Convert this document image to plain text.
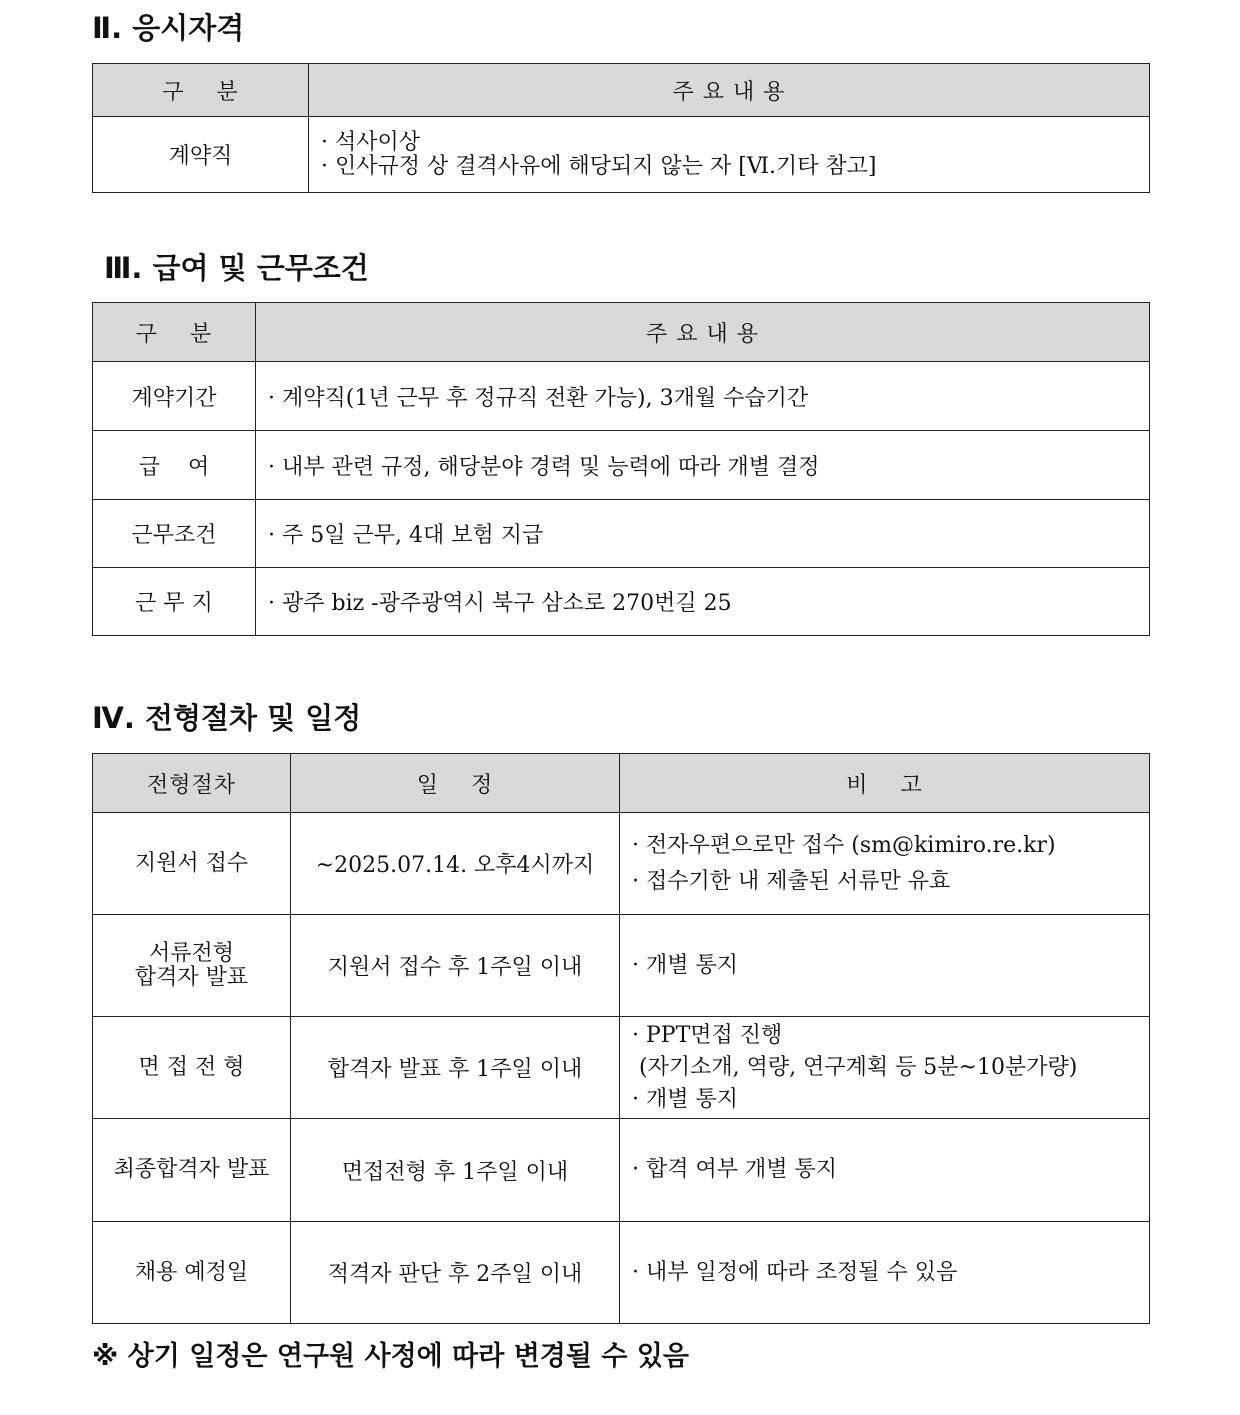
Ⅱ. 응시자격
구    분	주 요 내 용
계약직	· 석사이상
· 인사규정 상 결격사유에 해당되지 않는 자 [Ⅵ.기타 참고]
Ⅲ. 급여 및 근무조건
구    분	주 요 내 용
계약기간	· 계약직(1년 근무 후 정규직 전환 가능), 3개월 수습기간
급    여	· 내부 관련 규정, 해당분야 경력 및 능력에 따라 개별 결정
근무조건	· 주 5일 근무, 4대 보험 지급
근 무 지	· 광주 biz -광주광역시 북구 삼소로 270번길 25
Ⅳ. 전형절차 및 일정
전형절차	일    정	비    고

지원서 접수	~2025.07.14. 오후4시까지	· 전자우편으로만 접수 (sm@kimiro.re.kr)
· 접수기한 내 제출된 서류만 유효

서류전형
합격자 발표	지원서 접수 후 1주일 이내	· 개별 통지

면 접 전 형	합격자 발표 후 1주일 이내	· PPT면접 진행
(자기소개, 역량, 연구계획 등 5분~10분가량)
· 개별 통지

최종합격자 발표	면접전형 후 1주일 이내	· 합격 여부 개별 통지

채용 예정일	적격자 판단 후 2주일 이내	· 내부 일정에 따라 조정될 수 있음
※ 상기 일정은 연구원 사정에 따라 변경될 수 있음
